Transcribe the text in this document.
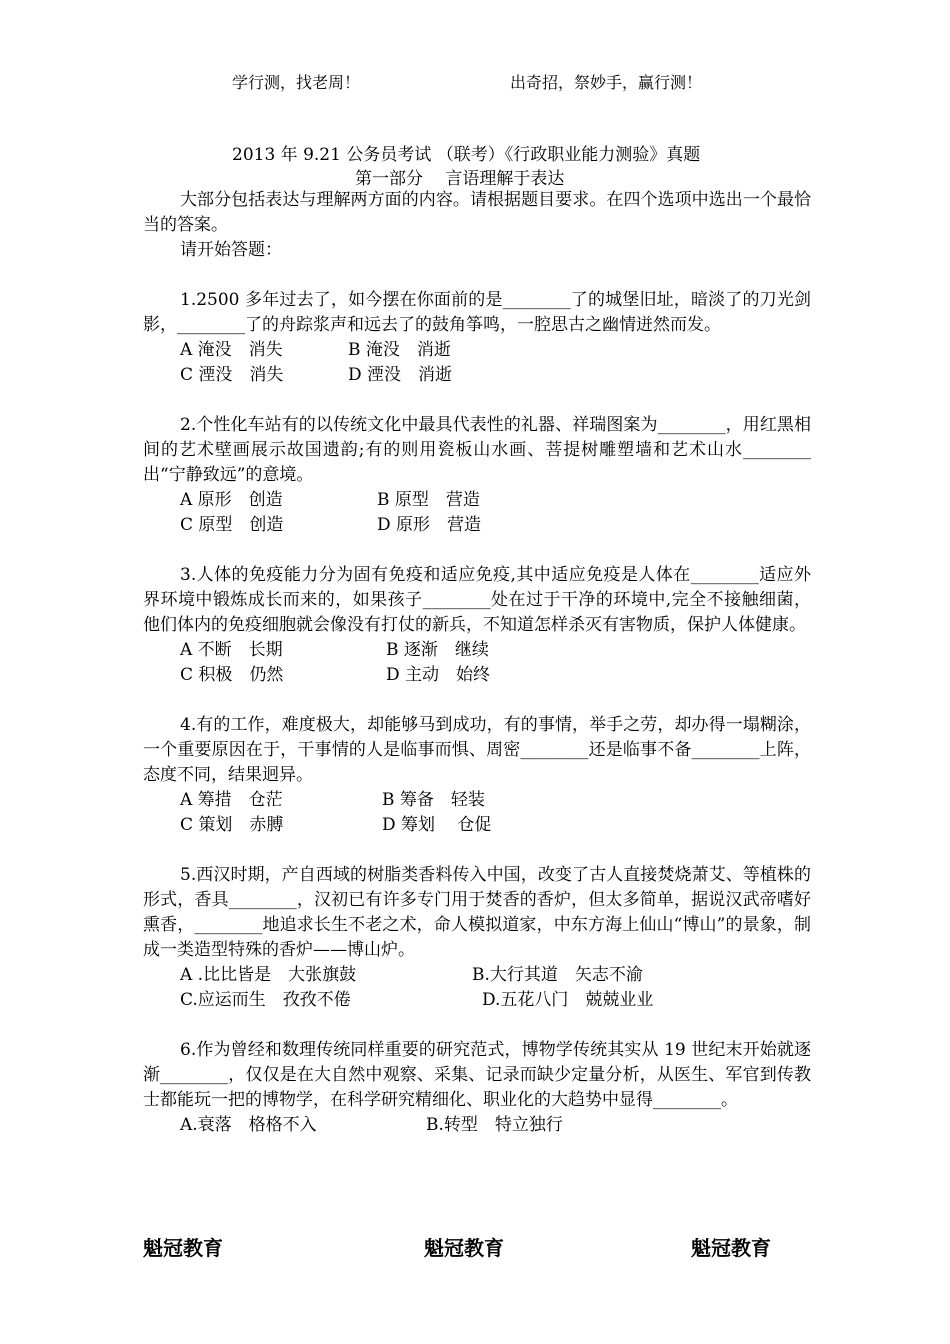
学行测，找老周！	出奇招，祭妙手，赢行测！
2013 年 9.21 公务员考试 （联考）《行政职业能力测验》真题
第一部分　 言语理解于表达

大部分包括表达与理解两方面的内容。请根据题目要求。在四个选项中选出一个最恰当的答案。

请开始答题：

1.2500 多年过去了，如今摆在你面前的是________了的城堡旧址，暗淡了的刀光剑影，________了的舟踪浆声和远去了的鼓角筝鸣，一腔思古之幽情迸然而发。

A 淹没　消失	B 淹没　消逝
C 湮没　消失	D 湮没　消逝

2.个性化车站有的以传统文化中最具代表性的礼器、祥瑞图案为________，用红黑相间的艺术壁画展示故国遗韵;有的则用瓷板山水画、菩提树雕塑墙和艺术山水________出“宁静致远”的意境。

A 原形　创造	B 原型　营造
C 原型　创造	D 原形　营造

3.人体的免疫能力分为固有免疫和适应免疫,其中适应免疫是人体在________适应外界环境中锻炼成长而来的，如果孩子________处在过于干净的环境中,完全不接触细菌，他们体内的免疫细胞就会像没有打仗的新兵，不知道怎样杀灭有害物质，保护人体健康。

A 不断　长期	B 逐渐　继续
C 积极　仍然	D 主动　始终

4.有的工作，难度极大，却能够马到成功，有的事情，举手之劳，却办得一塌糊涂，一个重要原因在于，干事情的人是临事而惧、周密________还是临事不备________上阵，态度不同，结果迥异。

A 筹措　仓茫	B 筹备　轻装
C 策划　赤膊	D 筹划　 仓促

5.西汉时期，产自西域的树脂类香料传入中国，改变了古人直接焚烧萧艾、等植株的形式，香具________，汉初已有许多专门用于焚香的香炉，但太多简单，据说汉武帝嗜好熏香，________地追求长生不老之术，命人模拟道家，中东方海上仙山“博山”的景象，制成一类造型特殊的香炉——博山炉。

A .比比皆是　大张旗鼓	B.大行其道　矢志不渝
C.应运而生　孜孜不倦	D.五花八门　兢兢业业

6.作为曾经和数理传统同样重要的研究范式，博物学传统其实从 19 世纪末开始就逐渐________，仅仅是在大自然中观察、采集、记录而缺少定量分析，从医生、军官到传教士都能玩一把的博物学，在科学研究精细化、职业化的大趋势中显得________。

A.衰落　格格不入	B.转型　特立独行
魁冠教育	魁冠教育	魁冠教育
